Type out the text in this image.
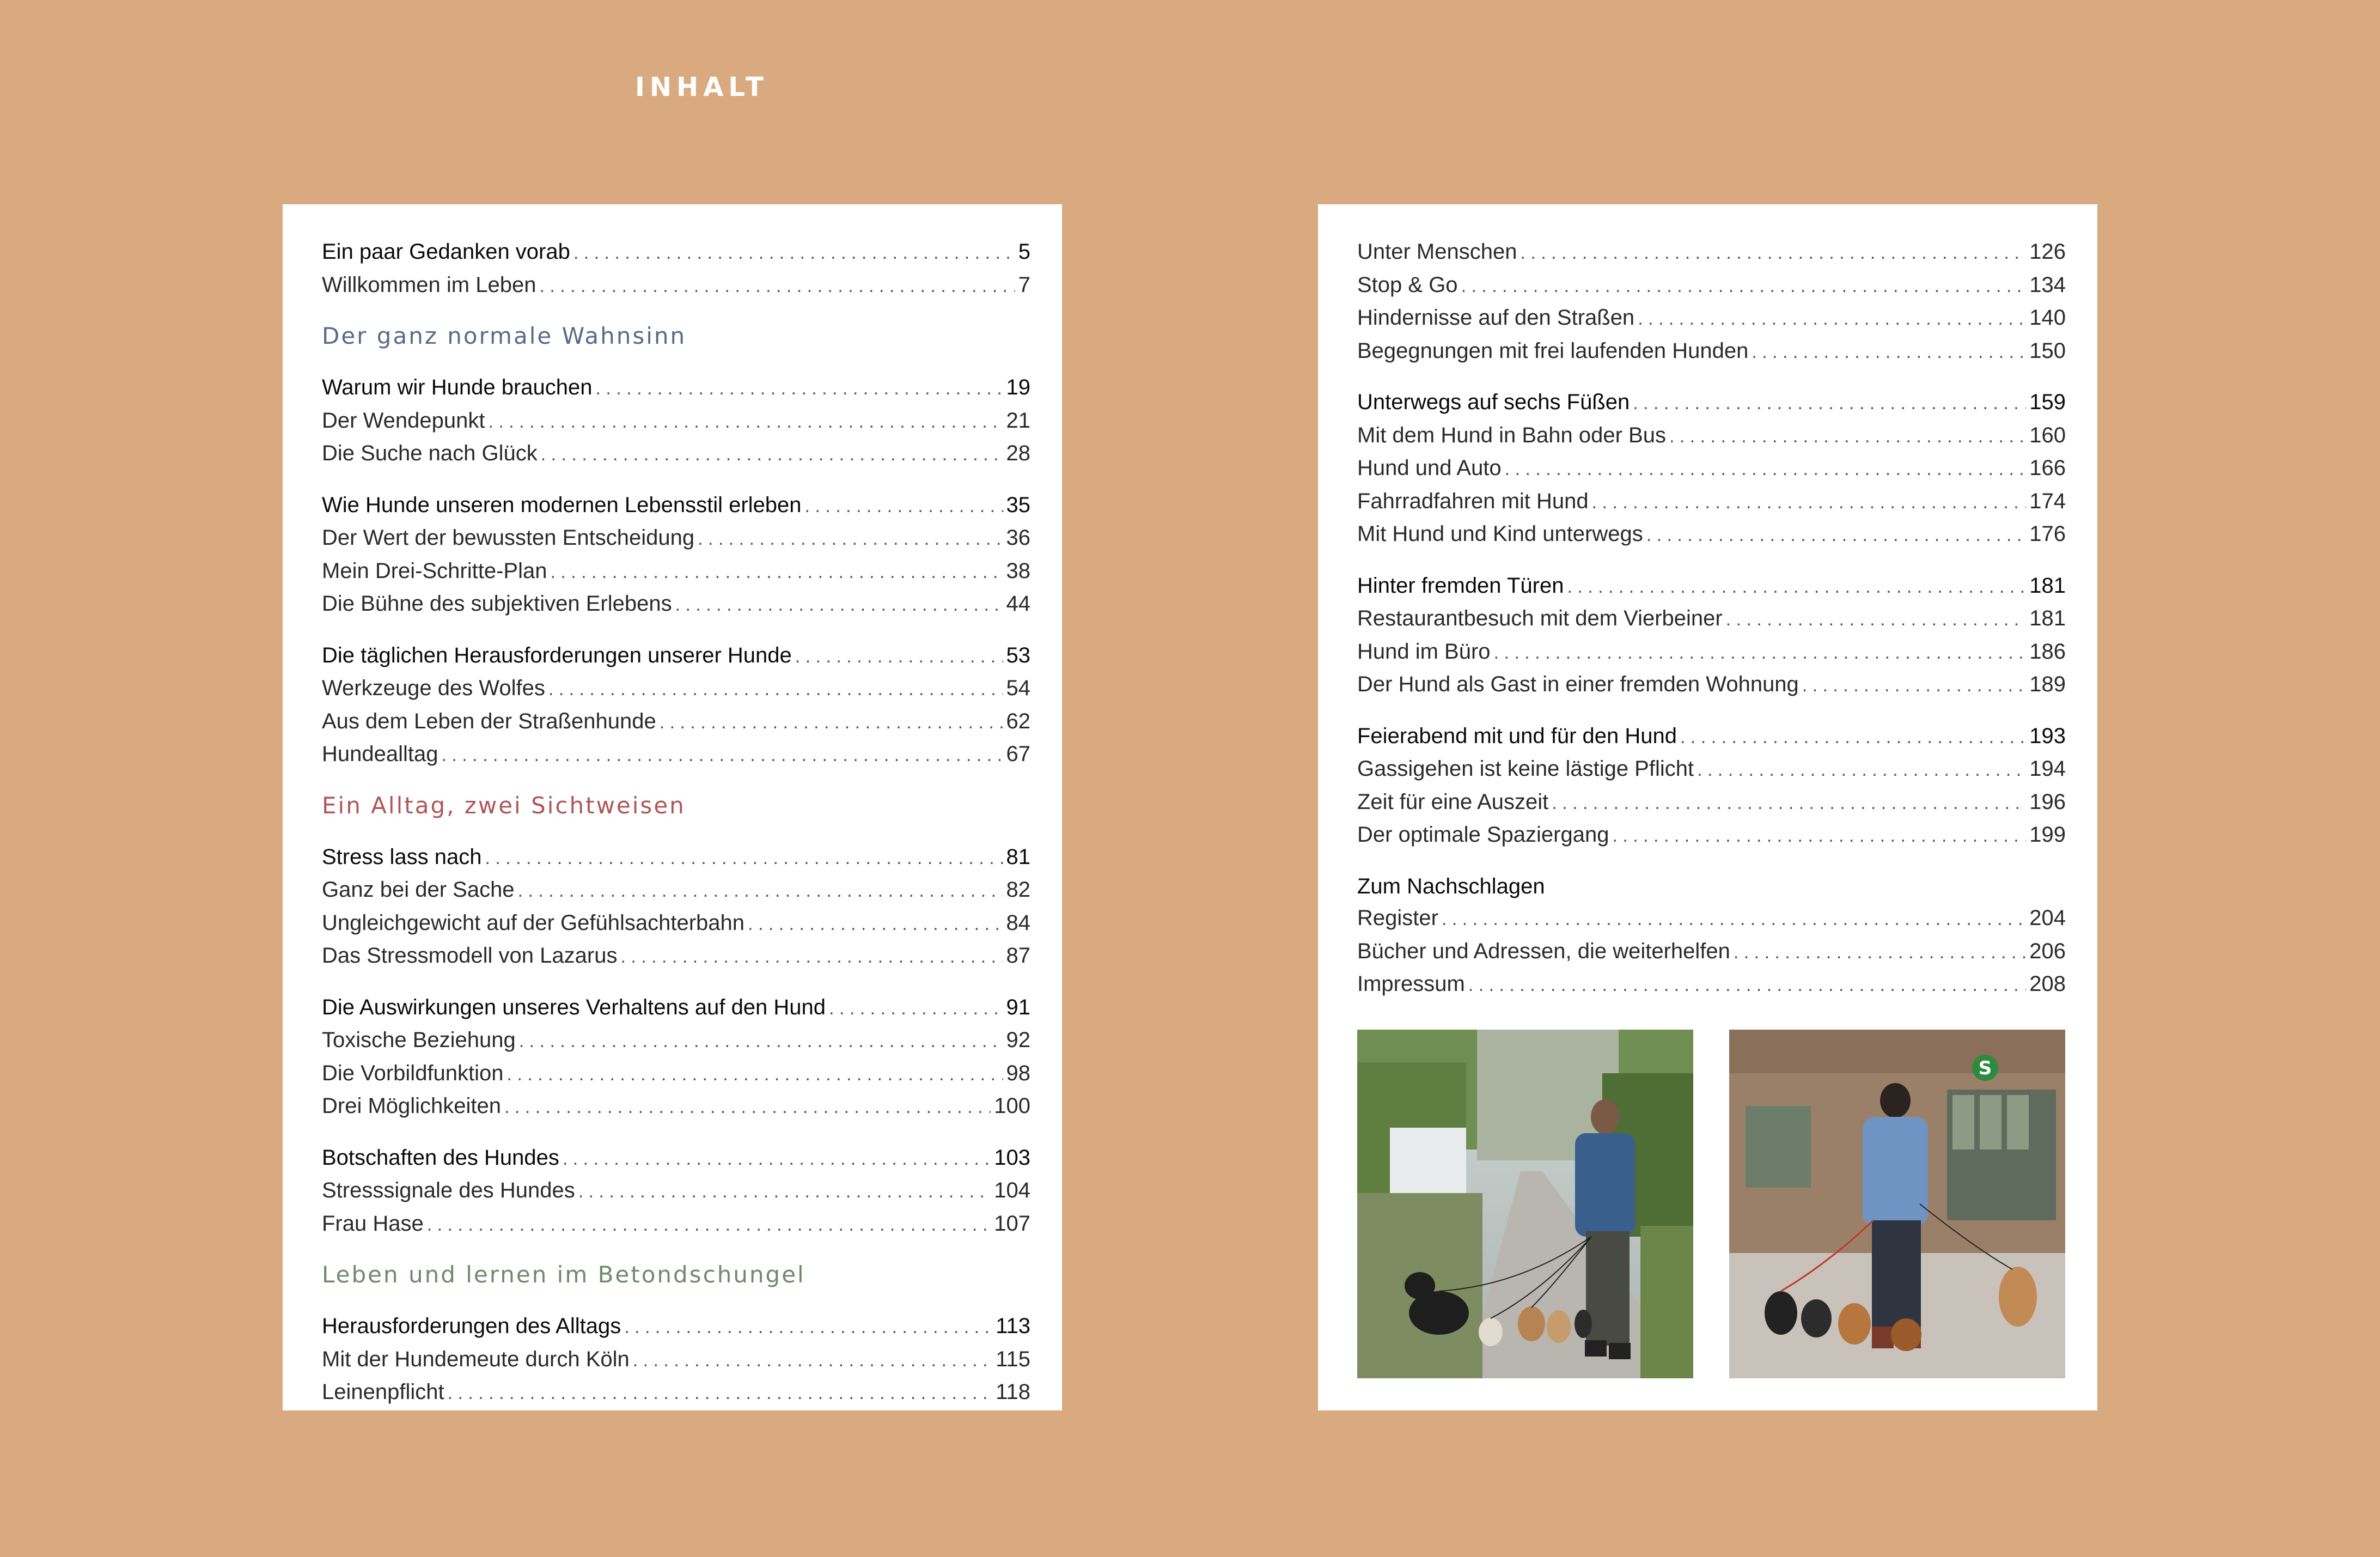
INHALT
Ein paar Gedanken vorab . . .	5
Willkommen im Leben . . .	7
Der ganz normale Wahnsinn
Warum wir Hunde brauchen . . .	19
Der Wendepunkt . . .	21
Die Suche nach Glück . . .	28
Wie Hunde unseren modernen Lebensstil erleben . . .	35
Der Wert der bewussten Entscheidung . . .	36
Mein Drei-Schritte-Plan . . .	38
Die Bühne des subjektiven Erlebens . . .	44
Die täglichen Herausforderungen unserer Hunde . . .	53
Werkzeuge des Wolfes . . .	54
Aus dem Leben der Straßenhunde . . .	62
Hundealltag . . .	67
Ein Alltag, zwei Sichtweisen
Stress lass nach . . .	81
Ganz bei der Sache . . .	82
Ungleichgewicht auf der Gefühlsachterbahn . . .	84
Das Stressmodell von Lazarus . . .	87
Die Auswirkungen unseres Verhaltens auf den Hund . . .	91
Toxische Beziehung . . .	92
Die Vorbildfunktion . . .	98
Drei Möglichkeiten . . .	100
Botschaften des Hundes . . .	103
Stresssignale des Hundes . . .	104
Frau Hase . . .	107
Leben und lernen im Betondschungel
Herausforderungen des Alltags . . .	113
Mit der Hundemeute durch Köln . . .	115
Leinenpflicht . . .	118
Unter Menschen . . .	126
Stop & Go . . .	134
Hindernisse auf den Straßen . . .	140
Begegnungen mit frei laufenden Hunden . . .	150
Unterwegs auf sechs Füßen . . .	159
Mit dem Hund in Bahn oder Bus . . .	160
Hund und Auto . . .	166
Fahrradfahren mit Hund . . .	174
Mit Hund und Kind unterwegs . . .	176
Hinter fremden Türen . . .	181
Restaurantbesuch mit dem Vierbeiner . . .	181
Hund im Büro . . .	186
Der Hund als Gast in einer fremden Wohnung . . .	189
Feierabend mit und für den Hund . . .	193
Gassigehen ist keine lästige Pflicht . . .	194
Zeit für eine Auszeit . . .	196
Der optimale Spaziergang . . .	199
Zum Nachschlagen
Register . . .	204
Bücher und Adressen, die weiterhelfen . . .	206
Impressum . . .	208
S
